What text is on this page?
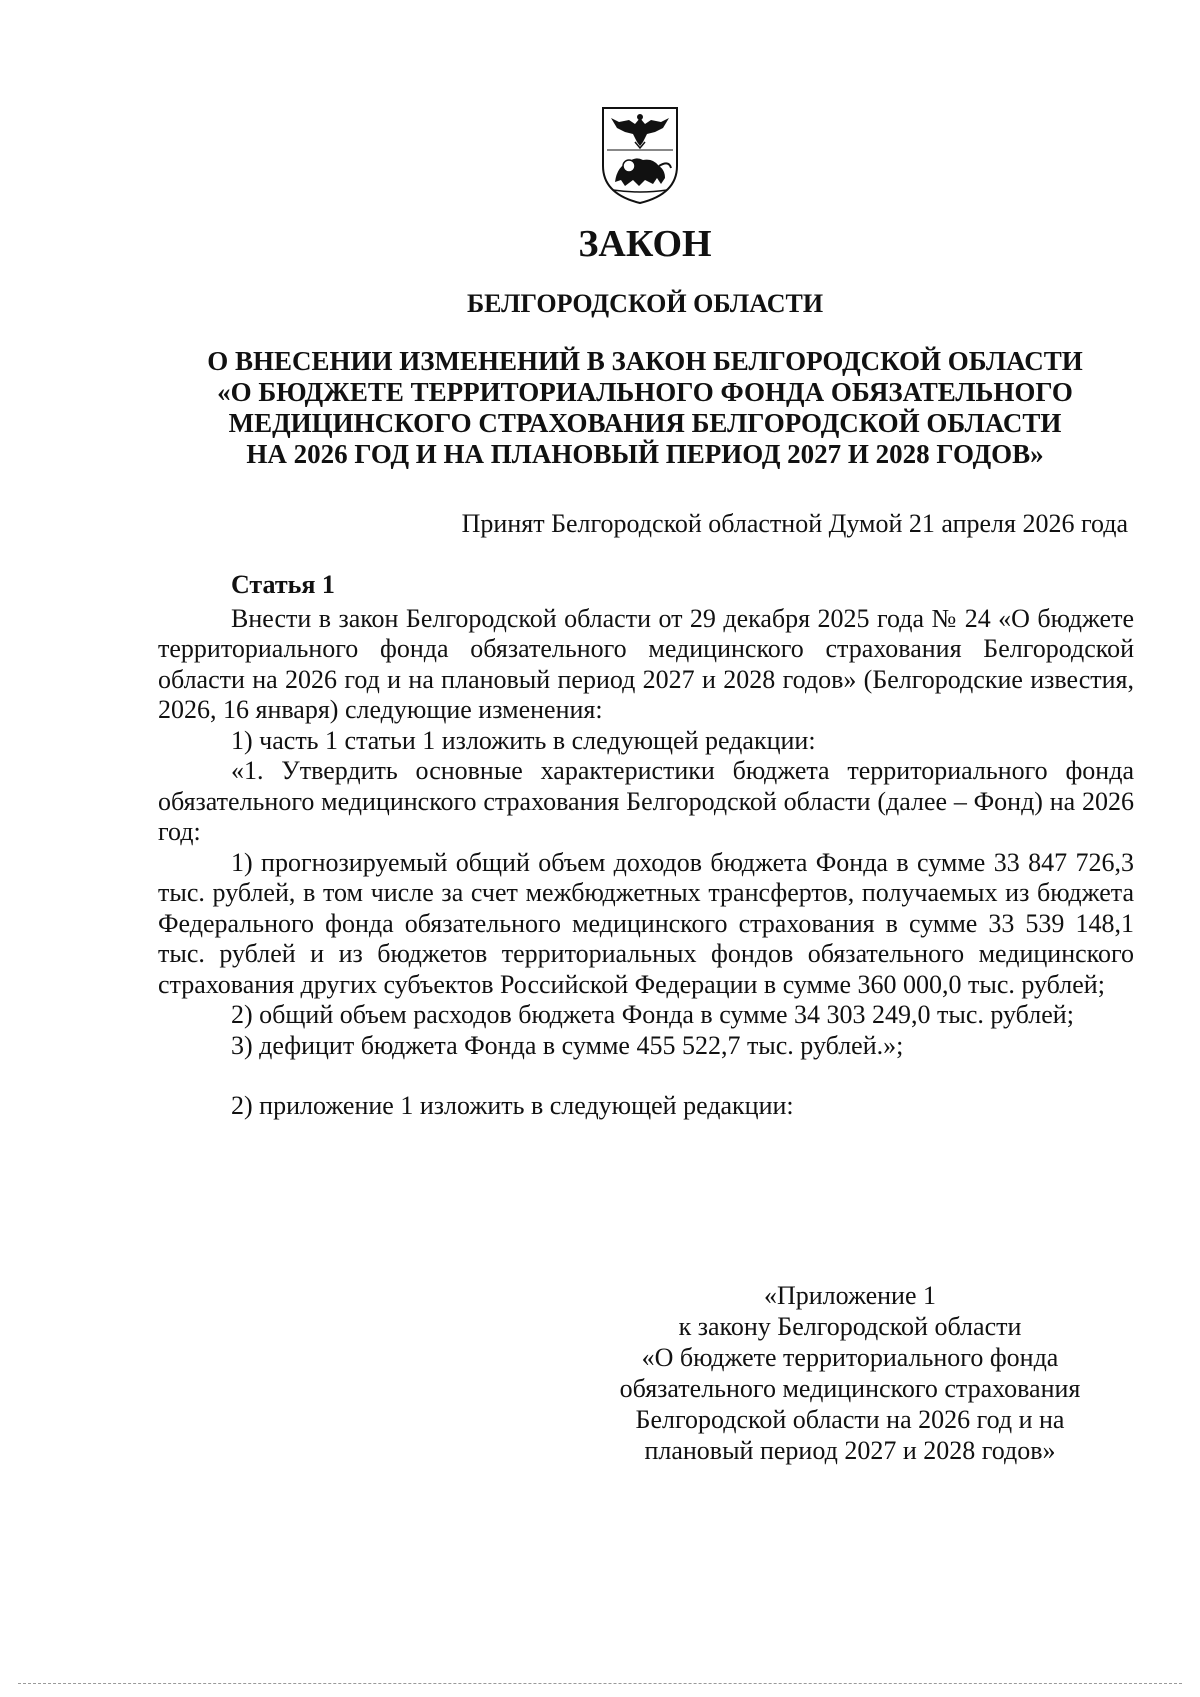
ЗАКОН
БЕЛГОРОДСКОЙ ОБЛАСТИ
О ВНЕСЕНИИ ИЗМЕНЕНИЙ В ЗАКОН БЕЛГОРОДСКОЙ ОБЛАСТИ
«О БЮДЖЕТЕ ТЕРРИТОРИАЛЬНОГО ФОНДА ОБЯЗАТЕЛЬНОГО
МЕДИЦИНСКОГО СТРАХОВАНИЯ БЕЛГОРОДСКОЙ ОБЛАСТИ
НА 2026 ГОД И НА ПЛАНОВЫЙ ПЕРИОД 2027 И 2028 ГОДОВ»
Принят Белгородской областной Думой 21 апреля 2026 года

Статья 1

Внести в закон Белгородской области от 29 декабря 2025 года № 24 «О бюджете территориального фонда обязательного медицинского страхования Белгородской области на 2026 год и на плановый период 2027 и 2028 годов» (Белгородские известия, 2026, 16 января) следующие изменения:

1) часть 1 статьи 1 изложить в следующей редакции:

«1. Утвердить основные характеристики бюджета территориального фонда обязательного медицинского страхования Белгородской области (далее – Фонд) на 2026 год:

1) прогнозируемый общий объем доходов бюджета Фонда в сумме 33 847 726,3 тыс. рублей, в том числе за счет межбюджетных трансфертов, получаемых из бюджета Федерального фонда обязательного медицинского страхования в сумме 33 539 148,1 тыс. рублей и из бюджетов территориальных фондов обязательного медицинского страхования других субъектов Российской Федерации в сумме 360 000,0 тыс. рублей;

2) общий объем расходов бюджета Фонда в сумме 34 303 249,0 тыс. рублей;

3) дефицит бюджета Фонда в сумме 455 522,7 тыс. рублей.»;

2) приложение 1 изложить в следующей редакции:

«Приложение 1
к закону Белгородской области
«О бюджете территориального фонда
обязательного медицинского страхования
Белгородской области на 2026 год и на
плановый период 2027 и 2028 годов»
